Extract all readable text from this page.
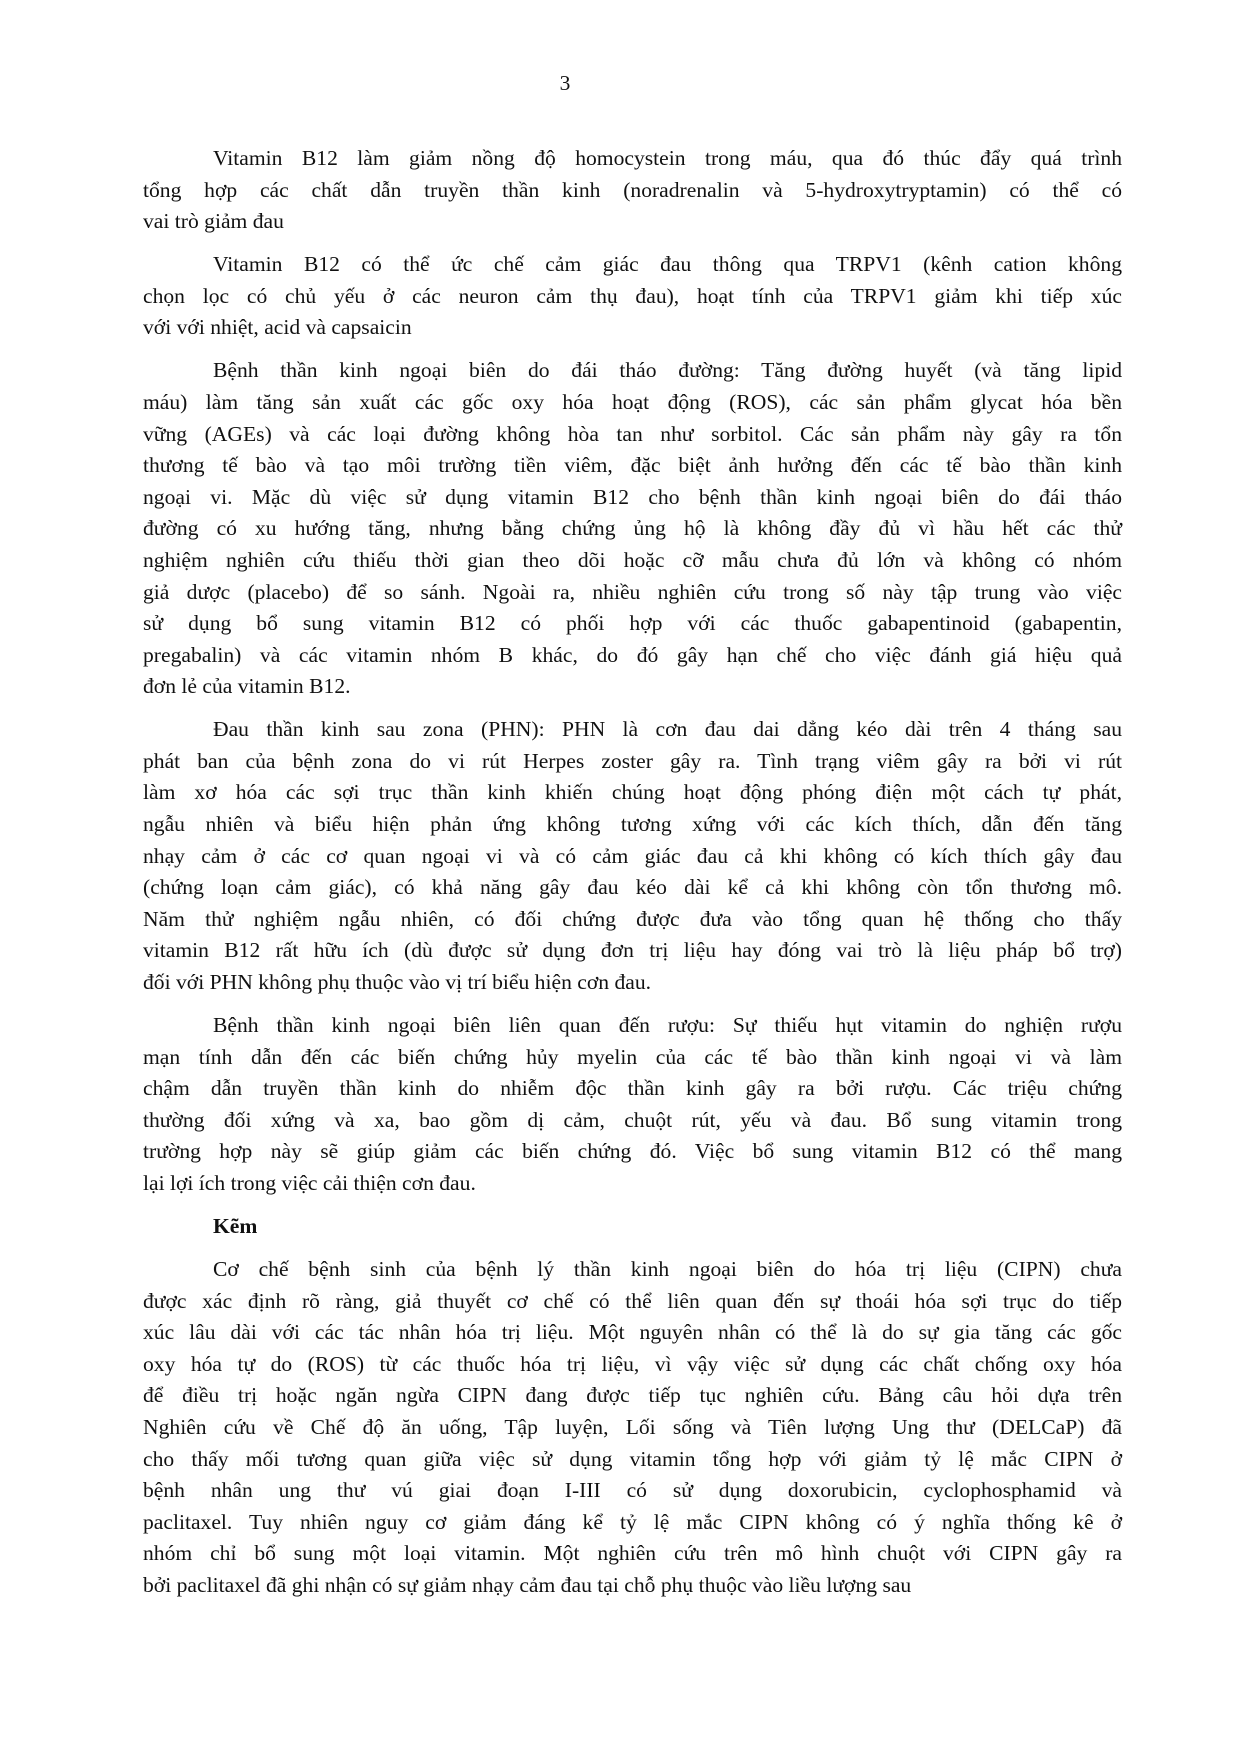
3

Vitamin B12 làm giảm nồng độ homocystein trong máu, qua đó thúc đẩy quá trình
tổng hợp các chất dẫn truyền thần kinh (noradrenalin và 5-hydroxytryptamin) có thể có
vai trò giảm đau

Vitamin B12 có thể ức chế cảm giác đau thông qua TRPV1 (kênh cation không
chọn lọc có chủ yếu ở các neuron cảm thụ đau), hoạt tính của TRPV1 giảm khi tiếp xúc
với với nhiệt, acid và capsaicin

Bệnh thần kinh ngoại biên do đái tháo đường: Tăng đường huyết (và tăng lipid
máu) làm tăng sản xuất các gốc oxy hóa hoạt động (ROS), các sản phẩm glycat hóa bền
vững (AGEs) và các loại đường không hòa tan như sorbitol. Các sản phẩm này gây ra tổn
thương tế bào và tạo môi trường tiền viêm, đặc biệt ảnh hưởng đến các tế bào thần kinh
ngoại vi. Mặc dù việc sử dụng vitamin B12 cho bệnh thần kinh ngoại biên do đái tháo
đường có xu hướng tăng, nhưng bằng chứng ủng hộ là không đầy đủ vì hầu hết các thử
nghiệm nghiên cứu thiếu thời gian theo dõi hoặc cỡ mẫu chưa đủ lớn và không có nhóm
giả dược (placebo) để so sánh. Ngoài ra, nhiều nghiên cứu trong số này tập trung vào việc
sử dụng bổ sung vitamin B12 có phối hợp với các thuốc gabapentinoid (gabapentin,
pregabalin) và các vitamin nhóm B khác, do đó gây hạn chế cho việc đánh giá hiệu quả
đơn lẻ của vitamin B12.

Đau thần kinh sau zona (PHN): PHN là cơn đau dai dẳng kéo dài trên 4 tháng sau
phát ban của bệnh zona do vi rút Herpes zoster gây ra. Tình trạng viêm gây ra bởi vi rút
làm xơ hóa các sợi trục thần kinh khiến chúng hoạt động phóng điện một cách tự phát,
ngẫu nhiên và biểu hiện phản ứng không tương xứng với các kích thích, dẫn đến tăng
nhạy cảm ở các cơ quan ngoại vi và có cảm giác đau cả khi không có kích thích gây đau
(chứng loạn cảm giác), có khả năng gây đau kéo dài kể cả khi không còn tổn thương mô.
Năm thử nghiệm ngẫu nhiên, có đối chứng được đưa vào tổng quan hệ thống cho thấy
vitamin B12 rất hữu ích (dù được sử dụng đơn trị liệu hay đóng vai trò là liệu pháp bổ trợ)
đối với PHN không phụ thuộc vào vị trí biểu hiện cơn đau.

Bệnh thần kinh ngoại biên liên quan đến rượu: Sự thiếu hụt vitamin do nghiện rượu
mạn tính dẫn đến các biến chứng hủy myelin của các tế bào thần kinh ngoại vi và làm
chậm dẫn truyền thần kinh do nhiễm độc thần kinh gây ra bởi rượu. Các triệu chứng
thường đối xứng và xa, bao gồm dị cảm, chuột rút, yếu và đau. Bổ sung vitamin trong
trường hợp này sẽ giúp giảm các biến chứng đó. Việc bổ sung vitamin B12 có thể mang
lại lợi ích trong việc cải thiện cơn đau.

Kẽm

Cơ chế bệnh sinh của bệnh lý thần kinh ngoại biên do hóa trị liệu (CIPN) chưa
được xác định rõ ràng, giả thuyết cơ chế có thể liên quan đến sự thoái hóa sợi trục do tiếp
xúc lâu dài với các tác nhân hóa trị liệu. Một nguyên nhân có thể là do sự gia tăng các gốc
oxy hóa tự do (ROS) từ các thuốc hóa trị liệu, vì vậy việc sử dụng các chất chống oxy hóa
để điều trị hoặc ngăn ngừa CIPN đang được tiếp tục nghiên cứu. Bảng câu hỏi dựa trên
Nghiên cứu về Chế độ ăn uống, Tập luyện, Lối sống và Tiên lượng Ung thư (DELCaP) đã
cho thấy mối tương quan giữa việc sử dụng vitamin tổng hợp với giảm tỷ lệ mắc CIPN ở
bệnh nhân ung thư vú giai đoạn I-III có sử dụng doxorubicin, cyclophosphamid và
paclitaxel. Tuy nhiên nguy cơ giảm đáng kể tỷ lệ mắc CIPN không có ý nghĩa thống kê ở
nhóm chỉ bổ sung một loại vitamin. Một nghiên cứu trên mô hình chuột với CIPN gây ra
bởi paclitaxel đã ghi nhận có sự giảm nhạy cảm đau tại chỗ phụ thuộc vào liều lượng sau
